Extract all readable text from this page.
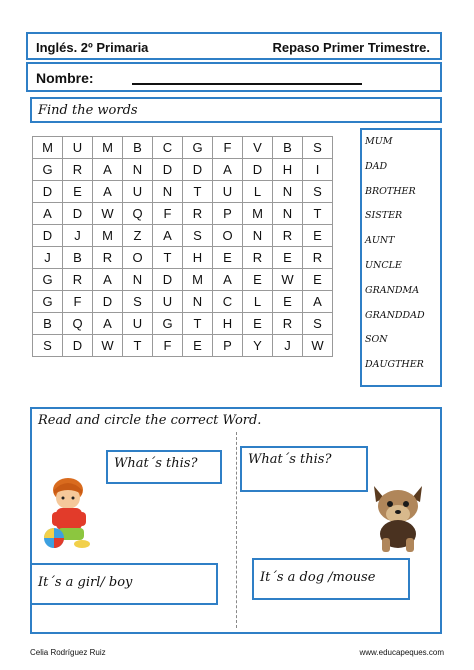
Inglés. 2º Primaria	Repaso Primer Trimestre.
Nombre:
Find the words
M	U	M	B	C	G	F	V	B	S
G	R	A	N	D	D	A	D	H	I
D	E	A	U	N	T	U	L	N	S
A	D	W	Q	F	R	P	M	N	T
D	J	M	Z	A	S	O	N	R	E
J	B	R	O	T	H	E	R	E	R
G	R	A	N	D	M	A	E	W	E
G	F	D	S	U	N	C	L	E	A
B	Q	A	U	G	T	H	E	R	S
S	D	W	T	F	E	P	Y	J	W
MUM
DAD
BROTHER
SISTER
AUNT
UNCLE
GRANDMA
GRANDDAD
SON
DAUGTHER
Read and circle the correct Word.
What´s this?	What´s this?
It´s a girl/ boy	It´s a dog /mouse
Celia Rodríguez Ruiz	www.educapeques.com
